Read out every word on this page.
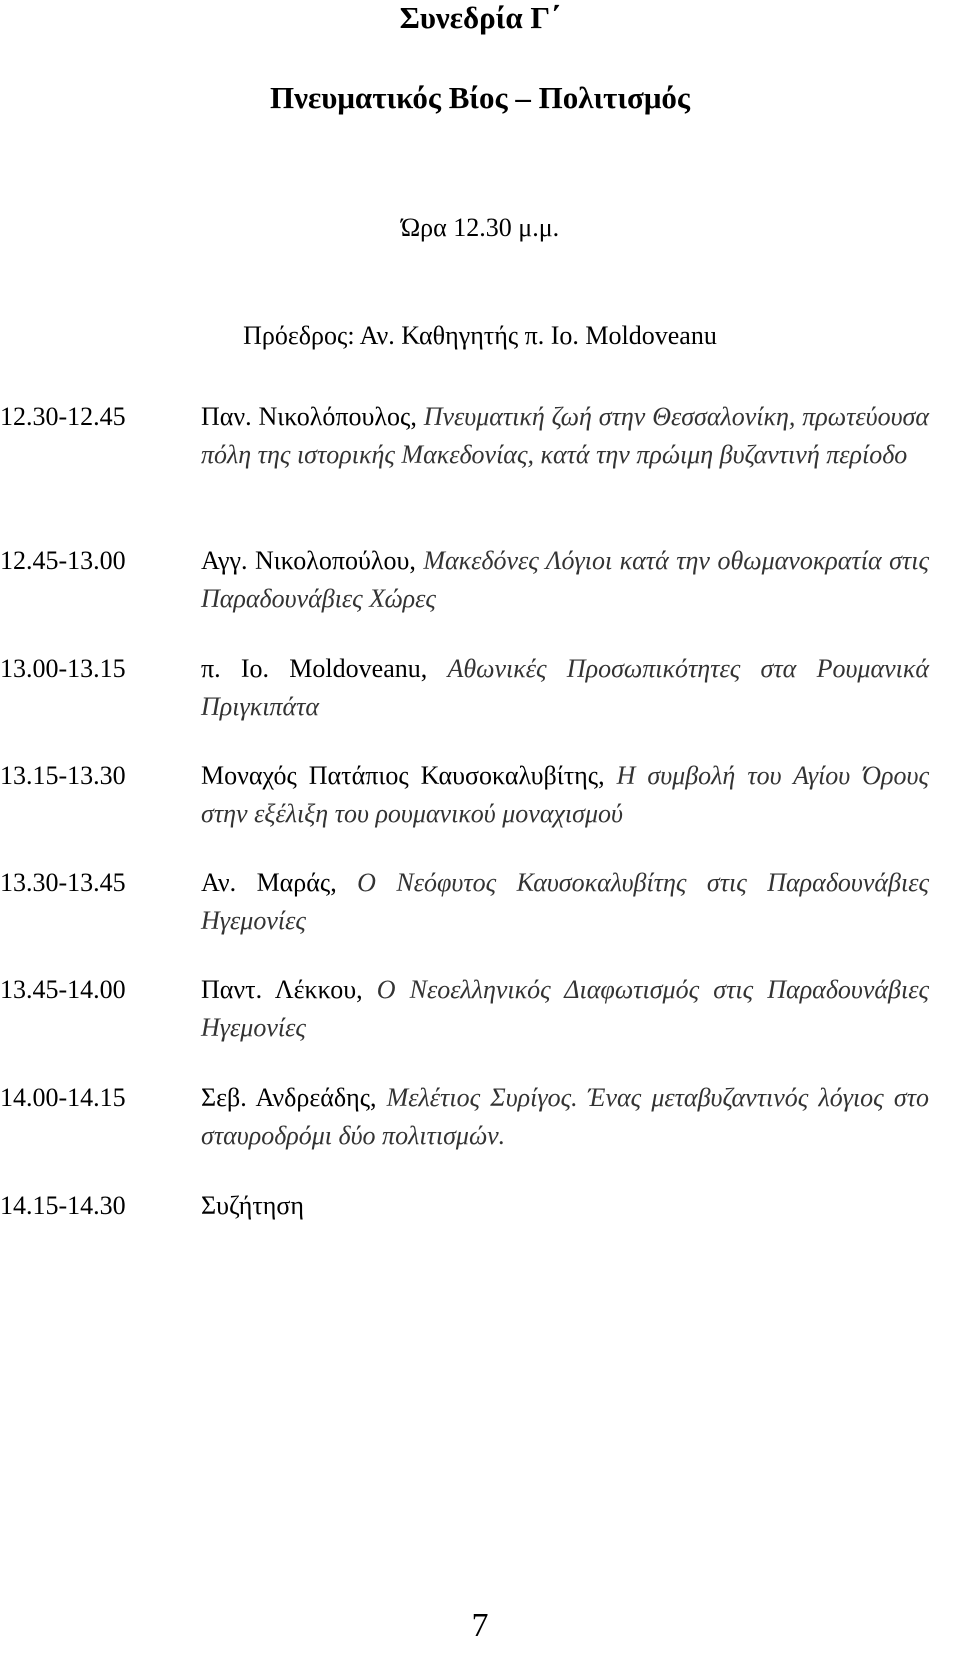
Συνεδρία Γ΄
Πνευματικός Βίος – Πολιτισμός
Ώρα 12.30 μ.μ.
Πρόεδρος: Αν. Καθηγητής π. Ιο. Moldoveanu
12.30-12.45	Παν. Νικολόπουλος, Πνευματική ζωή στην Θεσσαλονίκη, πρωτεύουσα πόλη της ιστορικής Μακεδονίας, κατά την πρώιμη βυζαντινή περίοδο
12.45-13.00	Αγγ. Νικολοπούλου, Μακεδόνες Λόγιοι κατά την οθωμανοκρατία στις Παραδουνάβιες Χώρες
13.00-13.15	π. Ιο. Moldoveanu, Αθωνικές Προσωπικότητες στα Ρουμανικά Πριγκιπάτα
13.15-13.30	Μοναχός Πατάπιος Καυσοκαλυβίτης, Η συμβολή του Αγίου Όρους στην εξέλιξη του ρουμανικού μοναχισμού
13.30-13.45	Αν. Μαράς, Ο Νεόφυτος Καυσοκαλυβίτης στις Παραδουνάβιες Ηγεμονίες
13.45-14.00	Παντ. Λέκκου, Ο Νεοελληνικός Διαφωτισμός στις Παραδουνάβιες Ηγεμονίες
14.00-14.15	Σεβ. Ανδρεάδης, Μελέτιος Συρίγος. Ένας μεταβυζαντινός λόγιος στο σταυροδρόμι δύο πολιτισμών.
14.15-14.30	Συζήτηση
7
